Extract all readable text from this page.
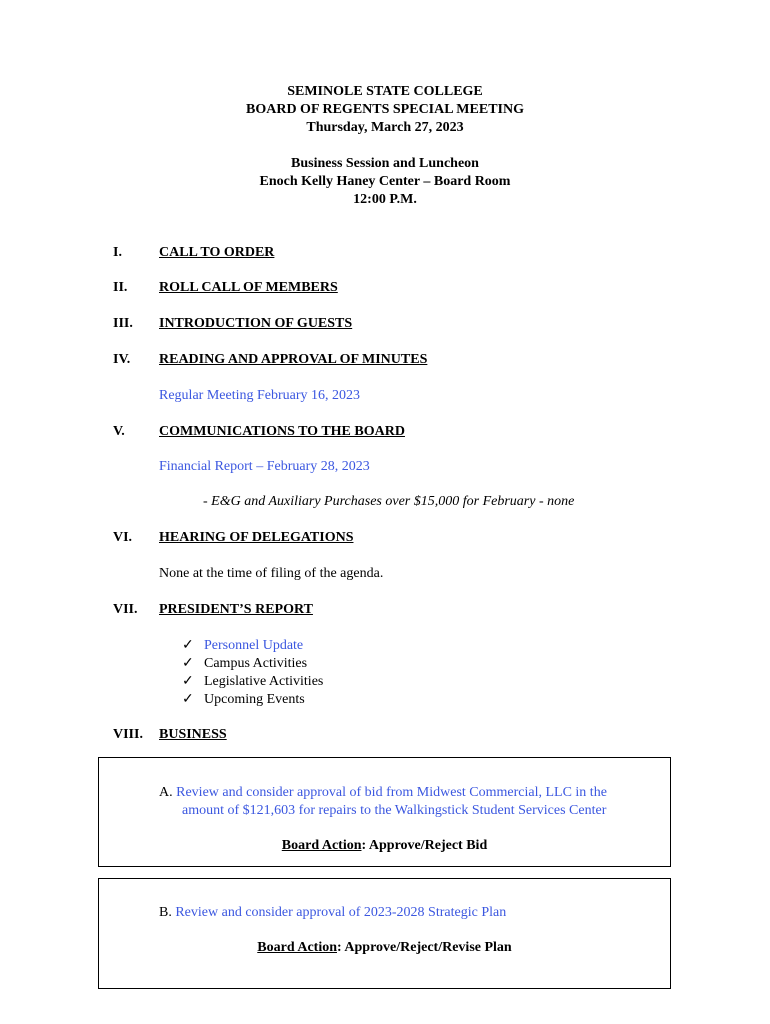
SEMINOLE STATE COLLEGE
BOARD OF REGENTS SPECIAL MEETING
Thursday, March 27, 2023
Business Session and Luncheon
Enoch Kelly Haney Center – Board Room
12:00 P.M.
I.	CALL TO ORDER
II. ROLL CALL OF MEMBERS
III. INTRODUCTION OF GUESTS
IV. READING AND APPROVAL OF MINUTES
Regular Meeting February 16, 2023
V. COMMUNICATIONS TO THE BOARD
Financial Report – February 28, 2023
- E&G and Auxiliary Purchases over $15,000 for February - none
VI. HEARING OF DELEGATIONS
None at the time of filing of the agenda.
VII. PRESIDENT’S REPORT
✓ Personnel Update
✓ Campus Activities
✓ Legislative Activities
✓ Upcoming Events
VIII. BUSINESS
A. Review and consider approval of bid from Midwest Commercial, LLC in the
amount of $121,603 for repairs to the Walkingstick Student Services Center
Board Action: Approve/Reject Bid
B. Review and consider approval of 2023-2028 Strategic Plan
Board Action: Approve/Reject/Revise Plan
